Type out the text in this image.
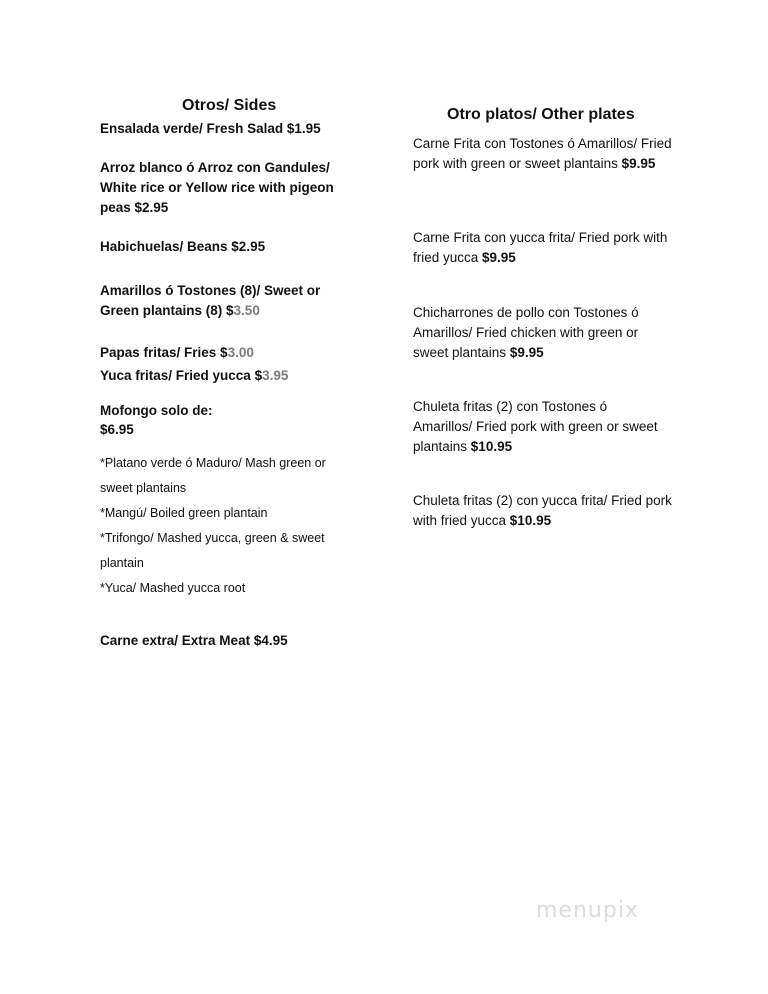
Otros/ Sides
Ensalada verde/ Fresh Salad $1.95
Arroz blanco ó Arroz con Gandules/ White rice or Yellow rice with pigeon peas $2.95
Habichuelas/ Beans $2.95
Amarillos ó Tostones (8)/ Sweet or Green plantains (8) $3.50
Papas fritas/ Fries $3.00
Yuca fritas/ Fried yucca $3.95
Mofongo solo de:
$6.95
*Platano verde ó Maduro/ Mash green or sweet plantains
*Mangú/ Boiled green plantain
*Trifongo/ Mashed yucca, green & sweet plantain
*Yuca/ Mashed yucca root
Carne extra/ Extra Meat $4.95
Otro platos/ Other plates
Carne Frita con Tostones ó Amarillos/ Fried pork with green or sweet plantains $9.95
Carne Frita con yucca frita/ Fried pork with fried yucca $9.95
Chicharrones de pollo con Tostones ó Amarillos/ Fried chicken with green or sweet plantains $9.95
Chuleta fritas (2) con Tostones ó Amarillos/ Fried pork with green or sweet plantains $10.95
Chuleta fritas (2) con yucca frita/ Fried pork with fried yucca $10.95
menupix
